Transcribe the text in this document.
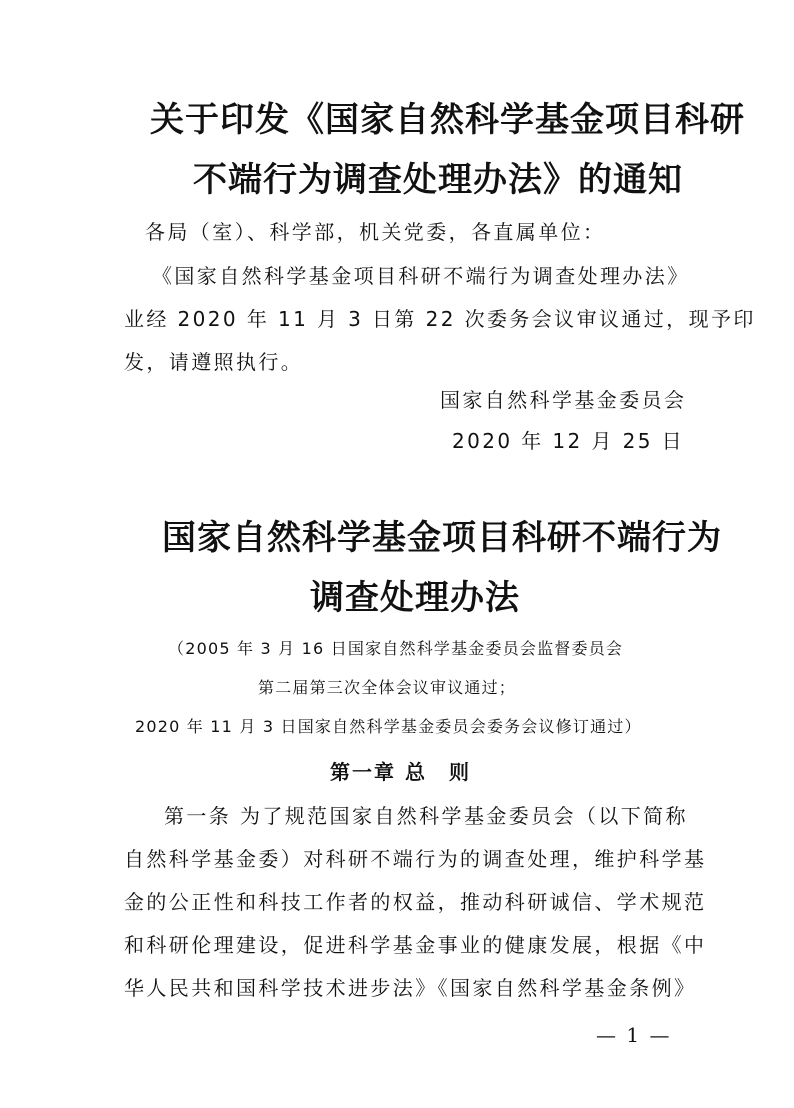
关于印发《国家自然科学基金项目科研
不端行为调查处理办法》的通知
各局（室）、科学部，机关党委，各直属单位：
《国家自然科学基金项目科研不端行为调查处理办法》
业经 2020 年 11 月 3 日第 22 次委务会议审议通过，现予印
发，请遵照执行。
国家自然科学基金委员会
2020 年 12 月 25 日
国家自然科学基金项目科研不端行为
调查处理办法
（2005 年 3 月 16 日国家自然科学基金委员会监督委员会
第二届第三次全体会议审议通过；
2020 年 11 月 3 日国家自然科学基金委员会委务会议修订通过）
第一章 总　则
第一条 为了规范国家自然科学基金委员会（以下简称
自然科学基金委）对科研不端行为的调查处理，维护科学基
金的公正性和科技工作者的权益，推动科研诚信、学术规范
和科研伦理建设，促进科学基金事业的健康发展，根据《中
华人民共和国科学技术进步法》《国家自然科学基金条例》
— 1 —
